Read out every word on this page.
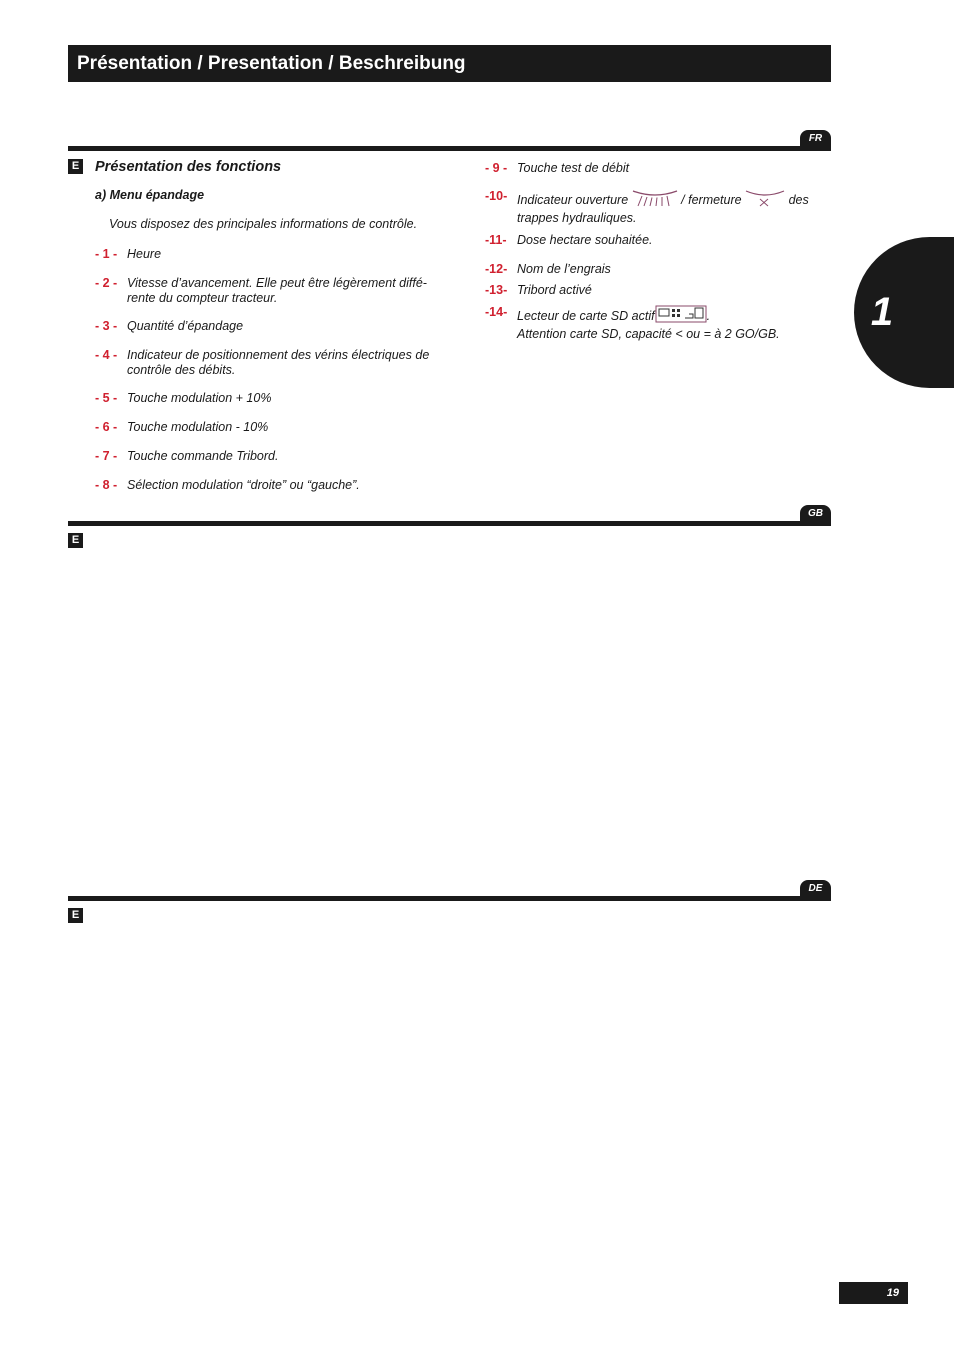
Présentation / Presentation / Beschreibung
FR
E Présentation des fonctions
a) Menu épandage
Vous disposez des principales informations de contrôle.
- 1 - Heure
- 2 - Vitesse d’avancement. Elle peut être légèrement diffé-rente du compteur tracteur.
- 3 - Quantité d’épandage
- 4 - Indicateur de positionnement des vérins électriques de contrôle des débits.
- 5 - Touche modulation + 10%
- 6 - Touche modulation - 10%
- 7 - Touche commande Tribord.
- 8 - Sélection modulation “droite” ou “gauche”.
- 9 - Touche test de débit
-10- Indicateur ouverture	/ fermeture	des
trappes hydrauliques.
-11- Dose hectare souhaitée.
-12- Nom de l’engrais
-13- Tribord activé
-14- Lecteur de carte SD actif	.
Attention carte SD, capacité < ou = à 2 GO/GB.
GB
E
DE
E
1
19
